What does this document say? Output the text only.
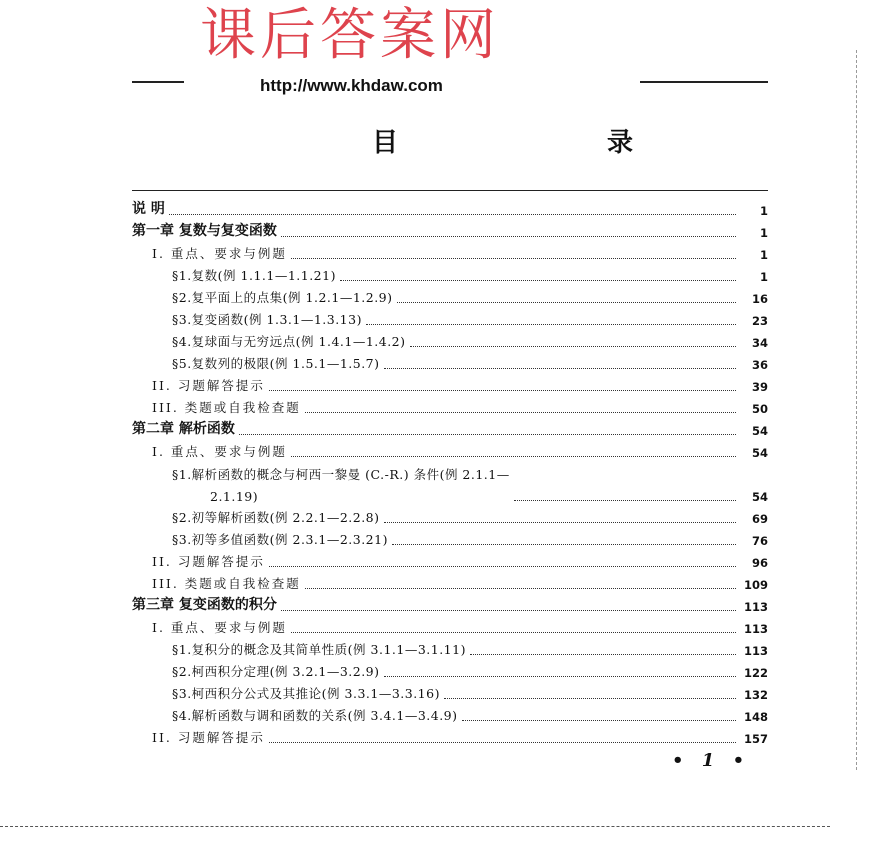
课后答案网
http://www.khdaw.com
目 录
说 明	1
第一章 复数与复变函数	1
I. 重点、要求与例题	1
§1.复数(例 1.1.1—1.1.21)	1
§2.复平面上的点集(例 1.2.1—1.2.9)	16
§3.复变函数(例 1.3.1—1.3.13)	23
§4.复球面与无穷远点(例 1.4.1—1.4.2)	34
§5.复数列的极限(例 1.5.1—1.5.7)	36
II. 习题解答提示	39
III. 类题或自我检查题	50
第二章 解析函数	54
I. 重点、要求与例题	54
§1.解析函数的概念与柯西一黎曼 (C.-R.) 条件(例 2.1.1—
2.1.19)	54
§2.初等解析函数(例 2.2.1—2.2.8)	69
§3.初等多值函数(例 2.3.1—2.3.21)	76
II. 习题解答提示	96
III. 类题或自我检查题	109
第三章 复变函数的积分	113
I. 重点、要求与例题	113
§1.复积分的概念及其简单性质(例 3.1.1—3.1.11)	113
§2.柯西积分定理(例 3.2.1—3.2.9)	122
§3.柯西积分公式及其推论(例 3.3.1—3.3.16)	132
§4.解析函数与调和函数的关系(例 3.4.1—3.4.9)	148
II. 习题解答提示	157
• 1 •
